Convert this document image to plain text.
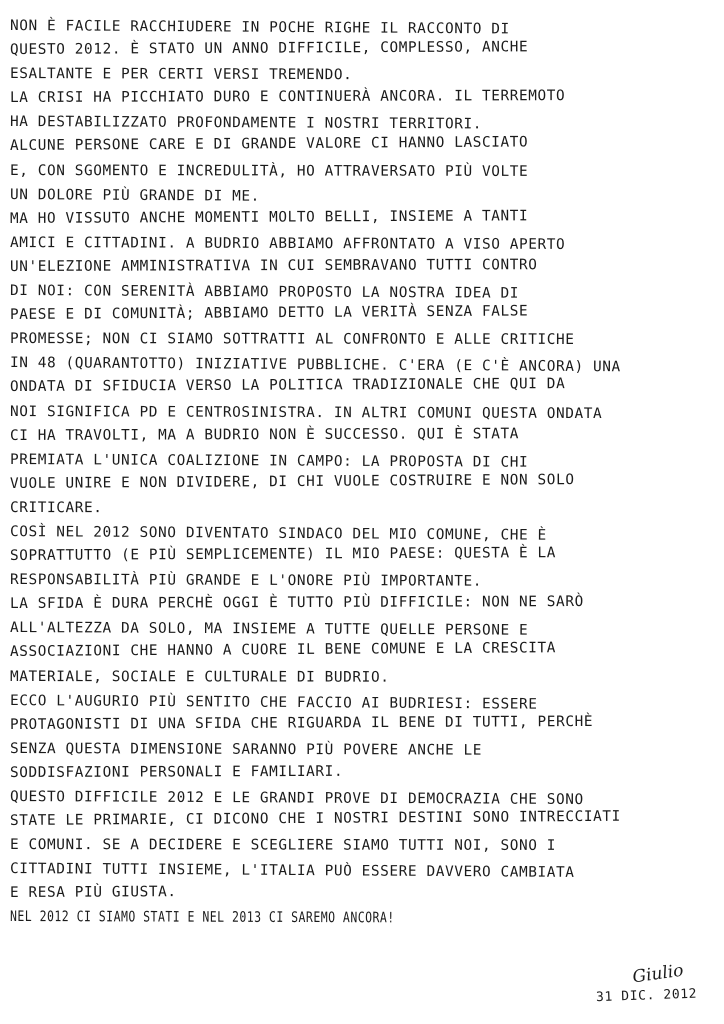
NON È FACILE RACCHIUDERE IN POCHE RIGHE IL RACCONTO DI
QUESTO 2012. È STATO UN ANNO DIFFICILE, COMPLESSO, ANCHE
ESALTANTE E PER CERTI VERSI TREMENDO.
LA CRISI HA PICCHIATO DURO E CONTINUERÀ ANCORA. IL TERREMOTO
HA DESTABILIZZATO PROFONDAMENTE I NOSTRI TERRITORI.
ALCUNE PERSONE CARE E DI GRANDE VALORE CI HANNO LASCIATO
E, CON SGOMENTO E INCREDULITÀ, HO ATTRAVERSATO PIÙ VOLTE
UN DOLORE PIÙ GRANDE DI ME.
MA HO VISSUTO ANCHE MOMENTI MOLTO BELLI, INSIEME A TANTI
AMICI E CITTADINI. A BUDRIO ABBIAMO AFFRONTATO A VISO APERTO
UN'ELEZIONE AMMINISTRATIVA IN CUI SEMBRAVANO TUTTI CONTRO
DI NOI: CON SERENITÀ ABBIAMO PROPOSTO LA NOSTRA IDEA DI
PAESE E DI COMUNITÀ; ABBIAMO DETTO LA VERITÀ SENZA FALSE
PROMESSE; NON CI SIAMO SOTTRATTI AL CONFRONTO E ALLE CRITICHE
IN 48 (QUARANTOTTO) INIZIATIVE PUBBLICHE. C'ERA (E C'È ANCORA) UNA
ONDATA DI SFIDUCIA VERSO LA POLITICA TRADIZIONALE CHE QUI DA
NOI SIGNIFICA PD E CENTROSINISTRA. IN ALTRI COMUNI QUESTA ONDATA
CI HA TRAVOLTI, MA A BUDRIO NON È SUCCESSO. QUI È STATA
PREMIATA L'UNICA COALIZIONE IN CAMPO: LA PROPOSTA DI CHI
VUOLE UNIRE E NON DIVIDERE, DI CHI VUOLE COSTRUIRE E NON SOLO
CRITICARE.
COSÌ NEL 2012 SONO DIVENTATO SINDACO DEL MIO COMUNE, CHE È
SOPRATTUTTO (E PIÙ SEMPLICEMENTE) IL MIO PAESE: QUESTA È LA
RESPONSABILITÀ PIÙ GRANDE E L'ONORE PIÙ IMPORTANTE.
LA SFIDA È DURA PERCHÈ OGGI È TUTTO PIÙ DIFFICILE: NON NE SARÒ
ALL'ALTEZZA DA SOLO, MA INSIEME A TUTTE QUELLE PERSONE E
ASSOCIAZIONI CHE HANNO A CUORE IL BENE COMUNE E LA CRESCITA
MATERIALE, SOCIALE E CULTURALE DI BUDRIO.
ECCO L'AUGURIO PIÙ SENTITO CHE FACCIO AI BUDRIESI: ESSERE
PROTAGONISTI DI UNA SFIDA CHE RIGUARDA IL BENE DI TUTTI, PERCHÈ
SENZA QUESTA DIMENSIONE SARANNO PIÙ POVERE ANCHE LE
SODDISFAZIONI PERSONALI E FAMILIARI.
QUESTO DIFFICILE 2012 E LE GRANDI PROVE DI DEMOCRAZIA CHE SONO
STATE LE PRIMARIE, CI DICONO CHE I NOSTRI DESTINI SONO INTRECCIATI
E COMUNI. SE A DECIDERE E SCEGLIERE SIAMO TUTTI NOI, SONO I
CITTADINI TUTTI INSIEME, L'ITALIA PUÒ ESSERE DAVVERO CAMBIATA
E RESA PIÙ GIUSTA.
NEL 2012 CI SIAMO STATI E NEL 2013 CI SAREMO ANCORA!
Giulio
31 DIC. 2012
